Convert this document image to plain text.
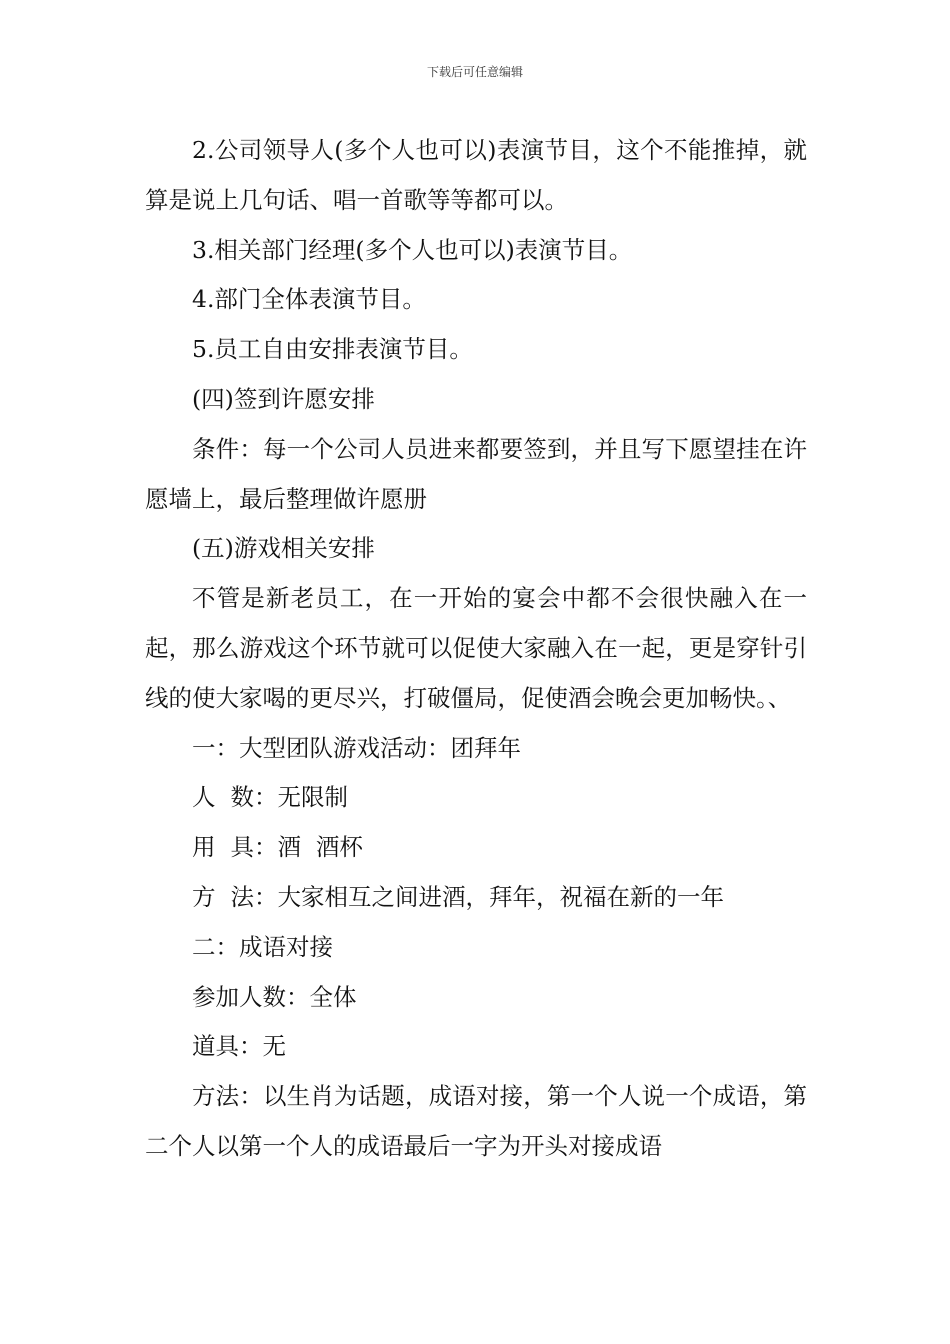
下载后可任意编辑

2.公司领导人(多个人也可以)表演节目，这个不能推掉，就算是说上几句话、唱一首歌等等都可以。

3.相关部门经理(多个人也可以)表演节目。

4.部门全体表演节目。

5.员工自由安排表演节目。

(四)签到许愿安排

条件：每一个公司人员进来都要签到，并且写下愿望挂在许愿墙上，最后整理做许愿册

(五)游戏相关安排

不管是新老员工，在一开始的宴会中都不会很快融入在一起，那么游戏这个环节就可以促使大家融入在一起，更是穿针引线的使大家喝的更尽兴，打破僵局，促使酒会晚会更加畅快。、

一：大型团队游戏活动：团拜年

人  数：无限制

用  具：酒  酒杯

方  法：大家相互之间进酒，拜年，祝福在新的一年

二：成语对接

参加人数：全体

道具：无

方法：以生肖为话题，成语对接，第一个人说一个成语，第二个人以第一个人的成语最后一字为开头对接成语
